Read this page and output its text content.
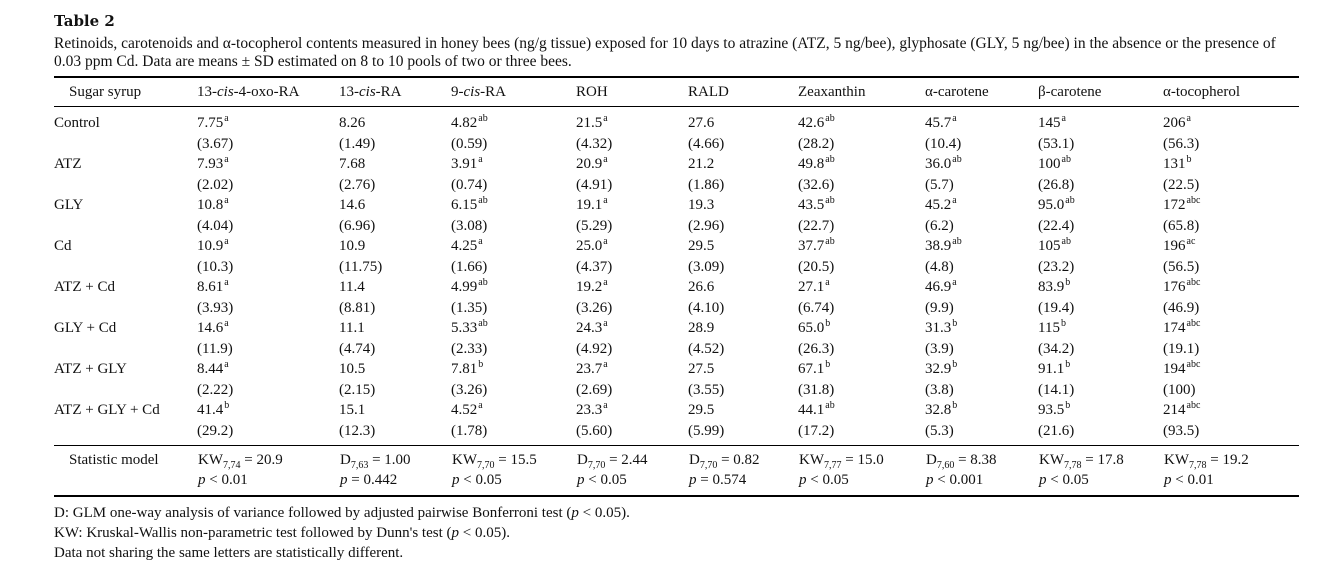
Table 2
Retinoids, carotenoids and α-tocopherol contents measured in honey bees (ng/g tissue) exposed for 10 days to atrazine (ATZ, 5 ng/bee), glyphosate (GLY, 5 ng/bee) in the absence or the presence of 0.03 ppm Cd. Data are means ± SD estimated on 8 to 10 pools of two or three bees.
Sugar syrup	13-cis-4-oxo-RA	13-cis-RA	9-cis-RA	ROH	RALD	Zeaxanthin	α-carotene	β-carotene	α-tocopherol
Control	7.75$^a$	8.26	4.82$^{ab}$	21.5$^a$	27.6	42.6$^{ab}$	45.7$^a$	145$^a$	206$^a$
	(3.67)	(1.49)	(0.59)	(4.32)	(4.66)	(28.2)	(10.4)	(53.1)	(56.3)
ATZ	7.93$^a$	7.68	3.91$^a$	20.9$^a$	21.2	49.8$^{ab}$	36.0$^{ab}$	$100^{ab}$	131$^b$
	(2.02)	(2.76)	(0.74)	(4.91)	(1.86)	(32.6)	(5.7)	(26.8)	(22.5)
GLY	10.8$^a$	14.6	6.15$^{ab}$	19.1$^a$	19.3	43.5$^{ab}$	45.2$^a$	95.0$^{ab}$	$172^{abc}$
	(4.04)	(6.96)	(3.08)	(5.29)	(2.96)	(22.7)	(6.2)	(22.4)	(65.8)
Cd	10.9$^a$	10.9	4.25$^a$	25.0$^a$	29.5	37.7$^{ab}$	38.9$^{ab}$	$105^{ab}$	$196^{ac}$
	(10.3)	(11.75)	(1.66)	(4.37)	(3.09)	(20.5)	(4.8)	(23.2)	(56.5)
ATZ + Cd	8.61$^a$	11.4	4.99$^{ab}$	19.2$^a$	26.6	27.1$^a$	46.9$^a$	83.9$^b$	$176^{abc}$
	(3.93)	(8.81)	(1.35)	(3.26)	(4.10)	(6.74)	(9.9)	(19.4)	(46.9)
GLY + Cd	14.6$^a$	11.1	5.33$^{ab}$	24.3$^a$	28.9	65.0$^b$	31.3$^b$	115$^b$	$174^{abc}$
	(11.9)	(4.74)	(2.33)	(4.92)	(4.52)	(26.3)	(3.9)	(34.2)	(19.1)
ATZ + GLY	8.44$^a$	10.5	7.81$^b$	23.7$^a$	27.5	67.1$^b$	32.9$^b$	91.1$^b$	$194^{abc}$
	(2.22)	(2.15)	(3.26)	(2.69)	(3.55)	(31.8)	(3.8)	(14.1)	(100)
ATZ + GLY + Cd	41.4$^b$	15.1	4.52$^a$	23.3$^a$	29.5	44.1$^{ab}$	32.8$^b$	93.5$^b$	$214^{abc}$
	(29.2)	(12.3)	(1.78)	(5.60)	(5.99)	(17.2)	(5.3)	(21.6)	(93.5)
Statistic model	$KW_{7,74} = 20.9$	$D_{7,63} = 1.00$	$KW_{7,70} = 15.5$	$D_{7,70} = 2.44$	$D_{7,70} = 0.82$	$KW_{7,77} = 15.0$	$D_{7,60} = 8.38$	$KW_{7,78} = 17.8$	$KW_{7,78} = 19.2$
	p < 0.01	p = 0.442	p < 0.05	p < 0.05	p = 0.574	p < 0.05	p < 0.001	p < 0.05	p < 0.01
D: GLM one-way analysis of variance followed by adjusted pairwise Bonferroni test (p < 0.05).
KW: Kruskal-Wallis non-parametric test followed by Dunn's test (p < 0.05).
Data not sharing the same letters are statistically different.
